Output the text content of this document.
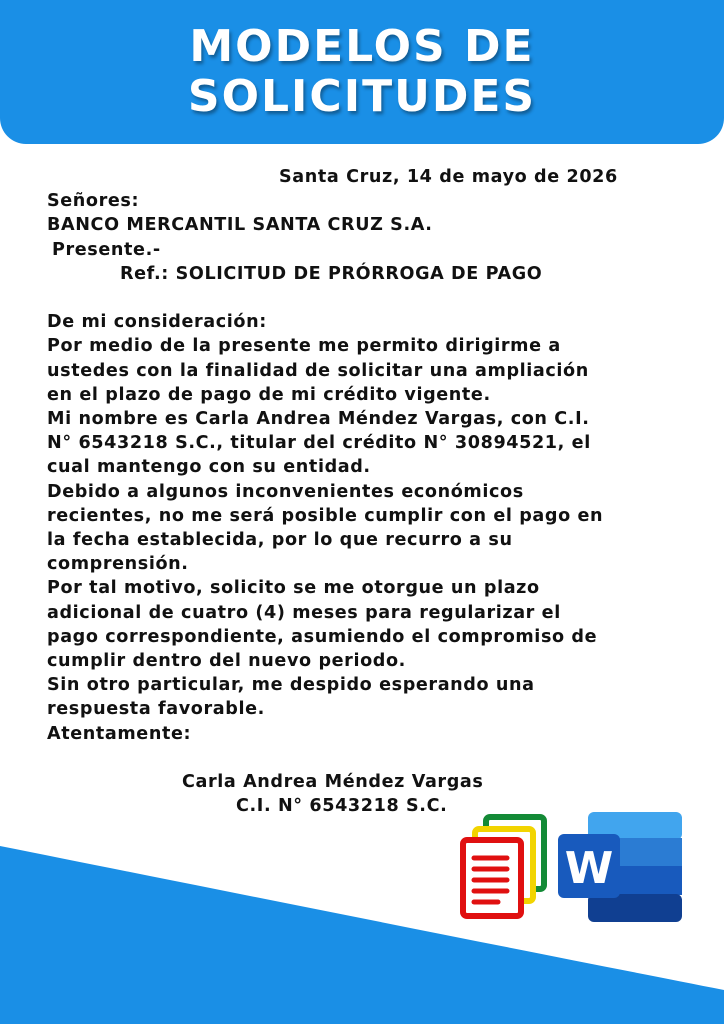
MODELOS DE
SOLICITUDES
Santa Cruz, 14 de mayo de 2026
Señores:
BANCO MERCANTIL SANTA CRUZ S.A.
Presente.-
Ref.: SOLICITUD DE PRÓRROGA DE PAGO
De mi consideración:
Por medio de la presente me permito dirigirme a
ustedes con la finalidad de solicitar una ampliación
en el plazo de pago de mi crédito vigente.
Mi nombre es Carla Andrea Méndez Vargas, con C.I.
N° 6543218 S.C., titular del crédito N° 30894521, el
cual mantengo con su entidad.
Debido a algunos inconvenientes económicos
recientes, no me será posible cumplir con el pago en
la fecha establecida, por lo que recurro a su
comprensión.
Por tal motivo, solicito se me otorgue un plazo
adicional de cuatro (4) meses para regularizar el
pago correspondiente, asumiendo el compromiso de
cumplir dentro del nuevo periodo.
Sin otro particular, me despido esperando una
respuesta favorable.
Atentamente:
Carla Andrea Méndez Vargas
C.I. N° 6543218 S.C.
W
